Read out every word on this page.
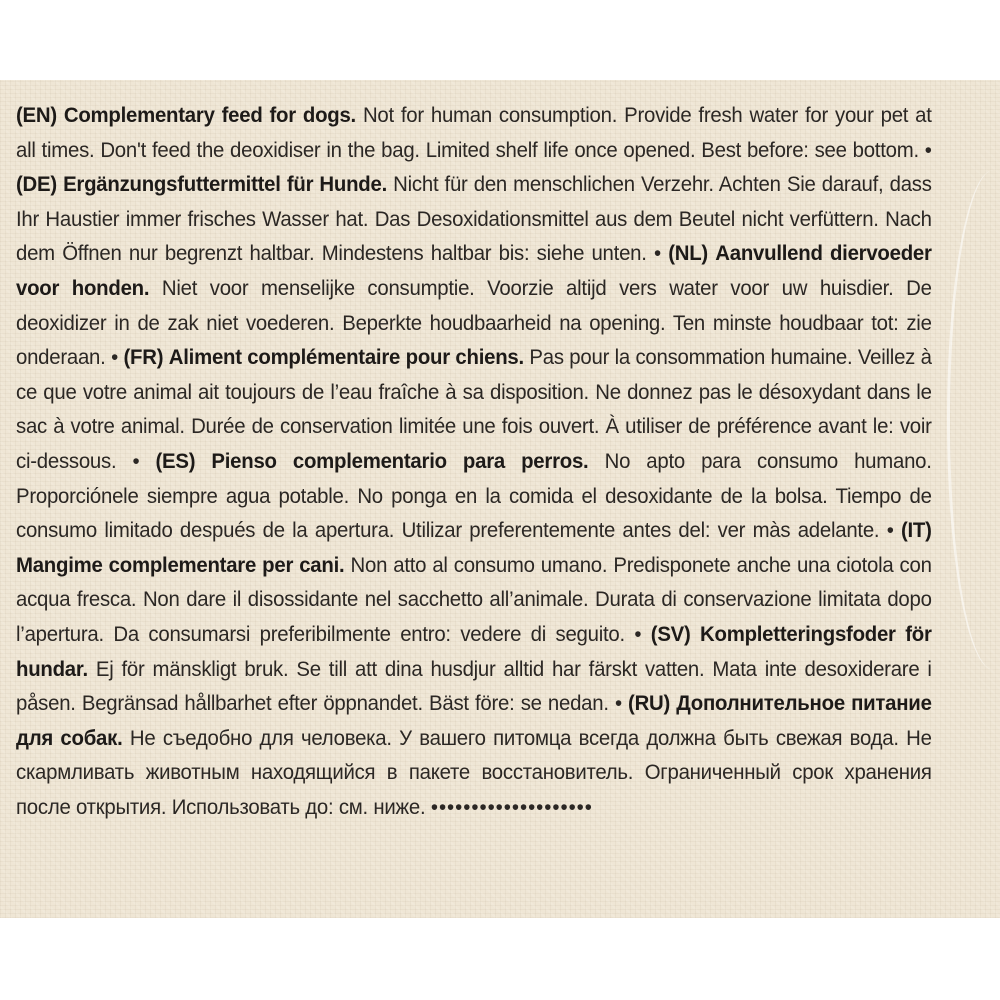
(EN) Complementary feed for dogs. Not for human consumption. Provide fresh water for your pet at all times. Don't feed the deoxidiser in the bag. Limited shelf life once opened. Best before: see bottom. • (DE) Ergänzungsfuttermittel für Hunde. Nicht für den menschlichen Verzehr. Achten Sie darauf, dass Ihr Haustier immer frisches Wasser hat. Das Desoxidationsmittel aus dem Beutel nicht verfüttern. Nach dem Öffnen nur begrenzt haltbar. Mindestens haltbar bis: siehe unten. • (NL) Aanvullend diervoeder voor honden. Niet voor menselijke consumptie. Voorzie altijd vers water voor uw huisdier. De deoxidizer in de zak niet voederen. Beperkte houdbaarheid na opening. Ten minste houdbaar tot: zie onderaan. • (FR) Aliment complémentaire pour chiens. Pas pour la consommation humaine. Veillez à ce que votre animal ait toujours de l’eau fraîche à sa disposition. Ne donnez pas le désoxydant dans le sac à votre animal. Durée de conservation limitée une fois ouvert. À utiliser de préférence avant le: voir ci-dessous. • (ES) Pienso complementario para perros. No apto para consumo humano. Proporciónele siempre agua potable. No ponga en la comida el desoxidante de la bolsa. Tiempo de consumo limitado después de la apertura. Utilizar preferentemente antes del: ver màs adelante. • (IT) Mangime complementare per cani. Non atto al consumo umano. Predisponete anche una ciotola con acqua fresca. Non dare il disossidante nel sacchetto all’animale. Durata di conservazione limitata dopo l’apertura. Da consumarsi preferibilmente entro: vedere di seguito. • (SV) Kompletteringsfoder för hundar. Ej för mänskligt bruk. Se till att dina husdjur alltid har färskt vatten. Mata inte desoxiderare i påsen. Begränsad hållbarhet efter öppnandet. Bäst före: se nedan. • (RU) Дополнительное питание для собак. Не съедобно для человека. У вашего питомца всегда должна быть свежая вода. Не скармливать животным находящийся в пакете восстановитель. Ограниченный срок хранения после открытия. Использовать до: см. ниже. ••••••••••••••••••••
